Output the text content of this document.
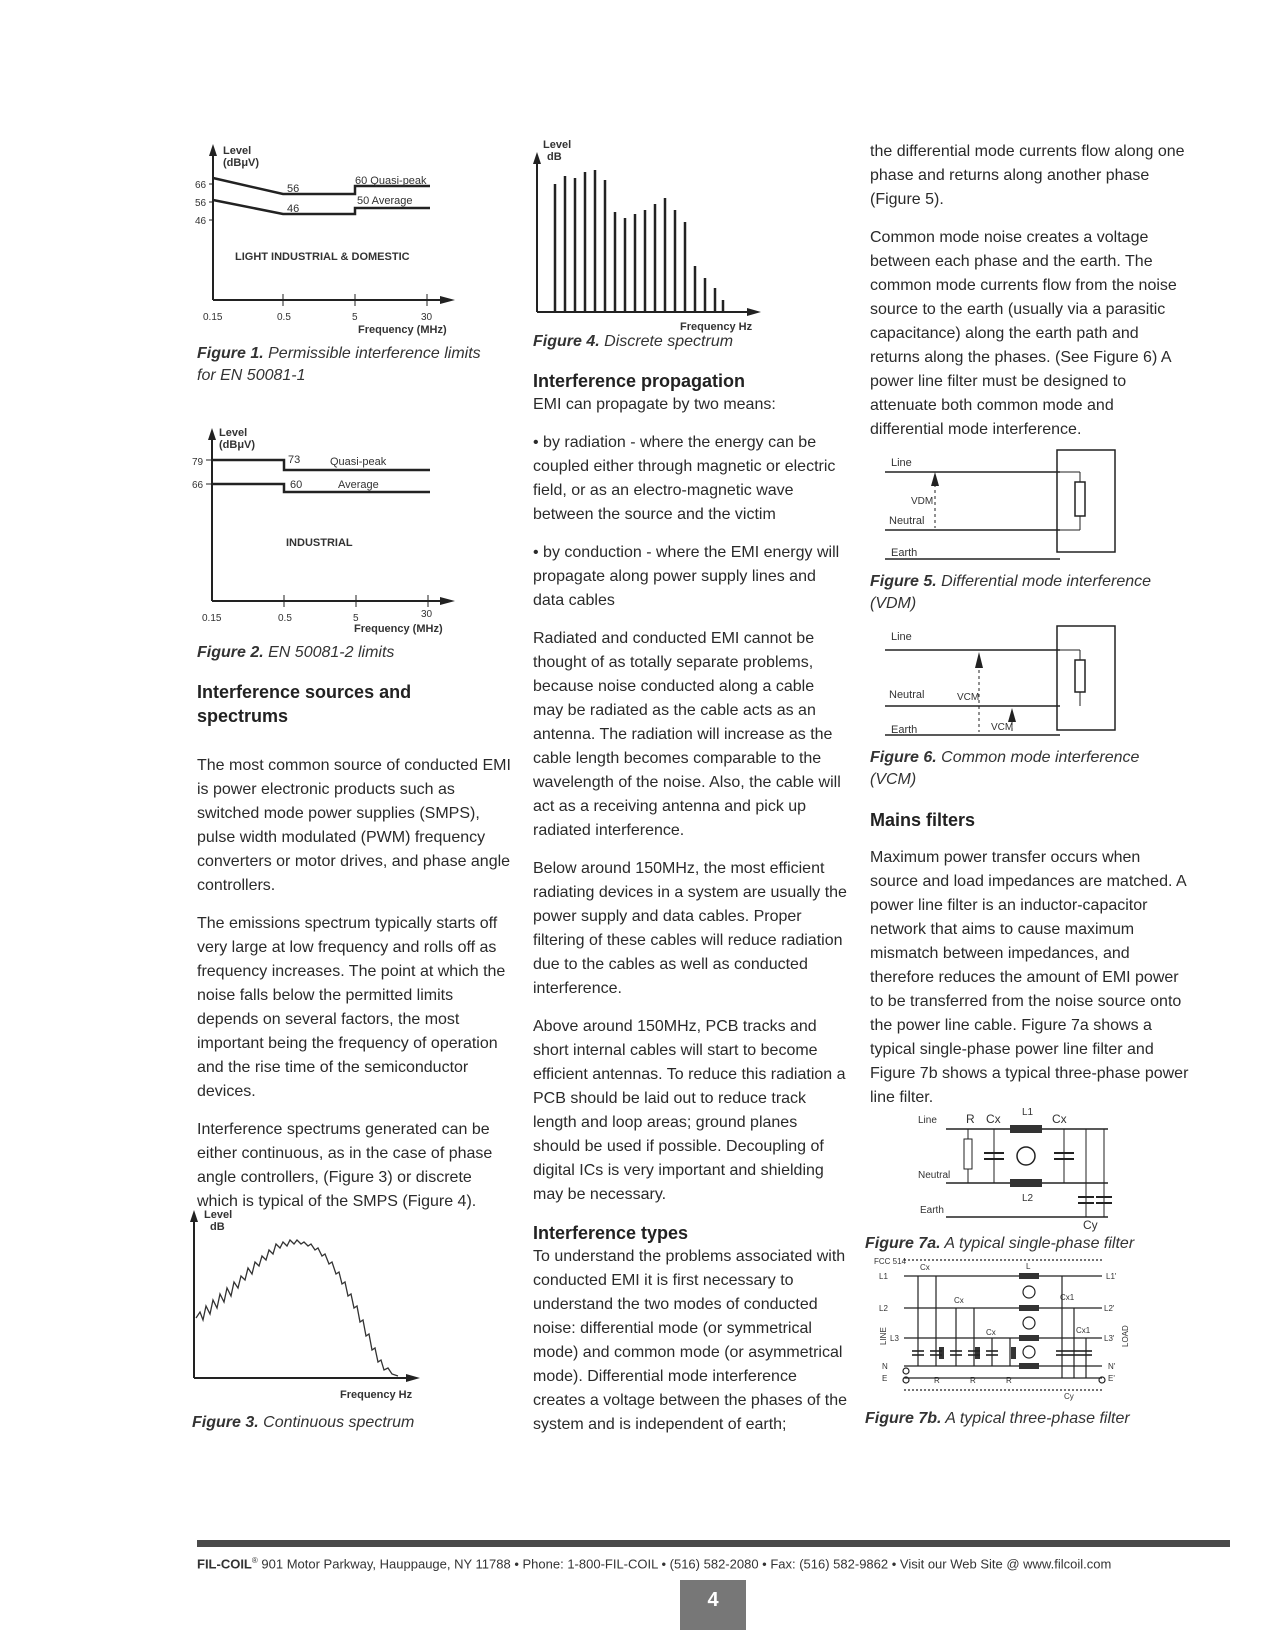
Level
(dBμV)
66
56
46
56
46
60 Quasi-peak
50 Average
LIGHT INDUSTRIAL & DOMESTIC
0.15	0.5	5	30
Frequency (MHz)
Figure 1. Permissible interference limits for EN 50081-1
Level
(dBμV)
79
66
73
60
Quasi-peak
Average
INDUSTRIAL
0.15	0.5	5	30
Frequency (MHz)
Figure 2. EN 50081-2 limits
Interference sources and spectrums

The most common source of conducted EMI is power electronic products such as switched mode power supplies (SMPS), pulse width modulated (PWM) frequency converters or motor drives, and phase angle controllers.

The emissions spectrum typically starts off very large at low frequency and rolls off as frequency increases. The point at which the noise falls below the permitted limits depends on several factors, the most important being the frequency of operation and the rise time of the semiconductor devices.

Interference spectrums generated can be either continuous, as in the case of phase angle controllers, (Figure 3) or discrete which is typical of the SMPS (Figure 4).

Level
dB
Frequency Hz
Figure 3. Continuous spectrum
Level
dB
Frequency Hz
Figure 4. Discrete spectrum
Interference propagation

EMI can propagate by two means:

• by radiation - where the energy can be coupled either through magnetic or electric field, or as an electro-magnetic wave between the source and the victim

• by conduction - where the EMI energy will propagate along power supply lines and data cables

Radiated and conducted EMI cannot be thought of as totally separate problems, because noise conducted along a cable may be radiated as the cable acts as an antenna. The radiation will increase as the cable length becomes comparable to the wavelength of the noise. Also, the cable will act as a receiving antenna and pick up radiated interference.

Below around 150MHz, the most efficient radiating devices in a system are usually the power supply and data cables. Proper filtering of these cables will reduce radiation due to the cables as well as conducted interference.

Above around 150MHz, PCB tracks and short internal cables will start to become efficient antennas. To reduce this radiation a PCB should be laid out to reduce track length and loop areas; ground planes should be used if possible. Decoupling of digital ICs is very important and shielding may be necessary.

Interference types

To understand the problems associated with conducted EMI it is first necessary to understand the two modes of conducted noise: differential mode (or symmetrical mode) and common mode (or asymmetrical mode). Differential mode interference creates a voltage between the phases of the system and is independent of earth;

the differential mode currents flow along one phase and returns along another phase (Figure 5).

Common mode noise creates a voltage between each phase and the earth. The common mode currents flow from the noise source to the earth (usually via a parasitic capacitance) along the earth path and returns along the phases. (See Figure 6) A power line filter must be designed to attenuate both common mode and differential mode interference.

Line
VDM
Neutral
Earth
Figure 5. Differential mode interference (VDM)
Line
Neutral	VCM
Earth	VCM
Figure 6. Common mode interference (VCM)
Mains filters

Maximum power transfer occurs when source and load impedances are matched. A power line filter is an inductor-capacitor network that aims to cause maximum mismatch between impedances, and therefore reduces the amount of EMI power to be transferred from the noise source onto the power line cable. Figure 7a shows a typical single-phase power line filter and Figure 7b shows a typical three-phase power line filter.

Line R Cx L1 Cx
Neutral
L2
Earth
Cy
Figure 7a. A typical single-phase filter
FCC 514
L1
L2
L3
N
E
L1'
L2'
L3'
N'
E'
LINE	LOAD
Cx
Cx
Cx
L
Cx1
Cx1
R	R	R
Cy
Figure 7b. A typical three-phase filter
FIL-COIL® 901 Motor Parkway, Hauppauge, NY 11788 • Phone: 1-800-FIL-COIL • (516) 582-2080 • Fax: (516) 582-9862 • Visit our Web Site @ www.filcoil.com
4
